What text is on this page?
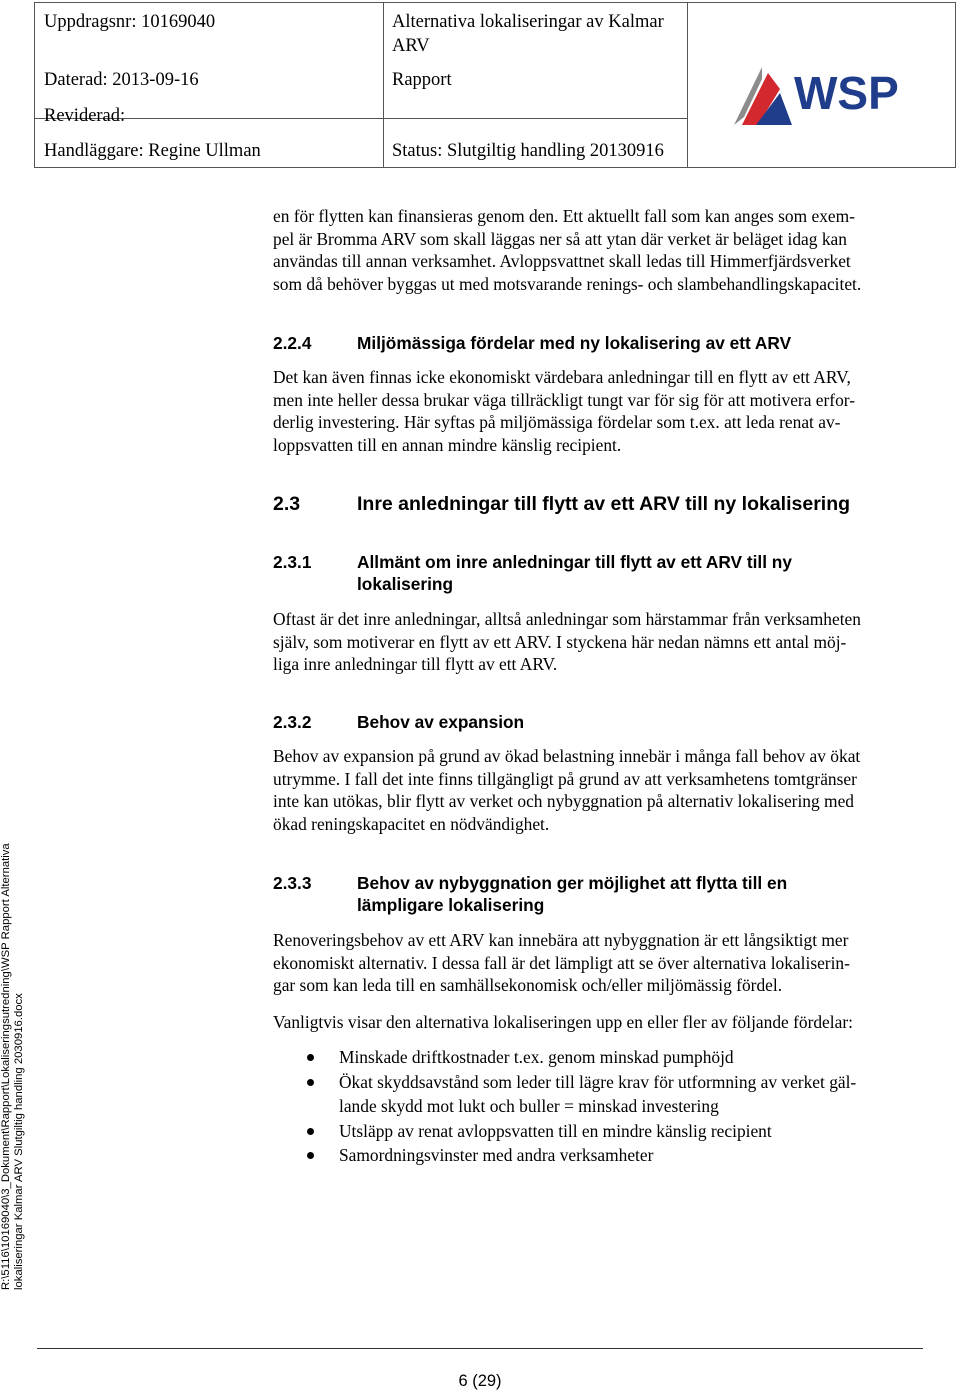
Uppdragsnr: 10169040	Alternativa lokaliseringar av Kalmar
ARV
Daterad: 2013-09-16	Rapport
Reviderad:
Handläggare: Regine Ullman	Status: Slutgiltig handling 20130916
WSP

en för flytten kan finansieras genom den. Ett aktuellt fall som kan anges som exem-
pel är Bromma ARV som skall läggas ner så att ytan där verket är beläget idag kan
användas till annan verksamhet. Avloppsvattnet skall ledas till Himmerfjärdsverket
som då behöver byggas ut med motsvarande renings- och slambehandlingskapacitet.

2.2.4	Miljömässiga fördelar med ny lokalisering av ett ARV

Det kan även finnas icke ekonomiskt värdebara anledningar till en flytt av ett ARV,
men inte heller dessa brukar väga tillräckligt tungt var för sig för att motivera erfor-
derlig investering. Här syftas på miljömässiga fördelar som t.ex. att leda renat av-
loppsvatten till en annan mindre känslig recipient.

2.3	Inre anledningar till flytt av ett ARV till ny lokalisering
2.3.1	Allmänt om inre anledningar till flytt av ett ARV till ny
lokalisering

Oftast är det inre anledningar, alltså anledningar som härstammar från verksamheten
själv, som motiverar en flytt av ett ARV. I styckena här nedan nämns ett antal möj-
liga inre anledningar till flytt av ett ARV.

2.3.2	Behov av expansion

Behov av expansion på grund av ökad belastning innebär i många fall behov av ökat
utrymme. I fall det inte finns tillgängligt på grund av att verksamhetens tomtgränser
inte kan utökas, blir flytt av verket och nybyggnation på alternativ lokalisering med
ökad reningskapacitet en nödvändighet.

2.3.3	Behov av nybyggnation ger möjlighet att flytta till en
lämpligare lokalisering

Renoveringsbehov av ett ARV kan innebära att nybyggnation är ett långsiktigt mer
ekonomiskt alternativ. I dessa fall är det lämpligt att se över alternativa lokaliserin-
gar som kan leda till en samhällsekonomisk och/eller miljömässig fördel.

Vanligtvis visar den alternativa lokaliseringen upp en eller fler av följande fördelar:

Minskade driftkostnader t.ex. genom minskad pumphöjd
Ökat skyddsavstånd som leder till lägre krav för utformning av verket gäl-
lande skydd mot lukt och buller = minskad investering
Utsläpp av renat avloppsvatten till en mindre känslig recipient
Samordningsvinster med andra verksamheter
R:\5116\10169040\3_Dokument\Rapport\Lokaliseringsutredning\WSP Rapport Alternativa lokaliseringar Kalmar ARV Slutgiltig handling 2030916.docx
6 (29)
